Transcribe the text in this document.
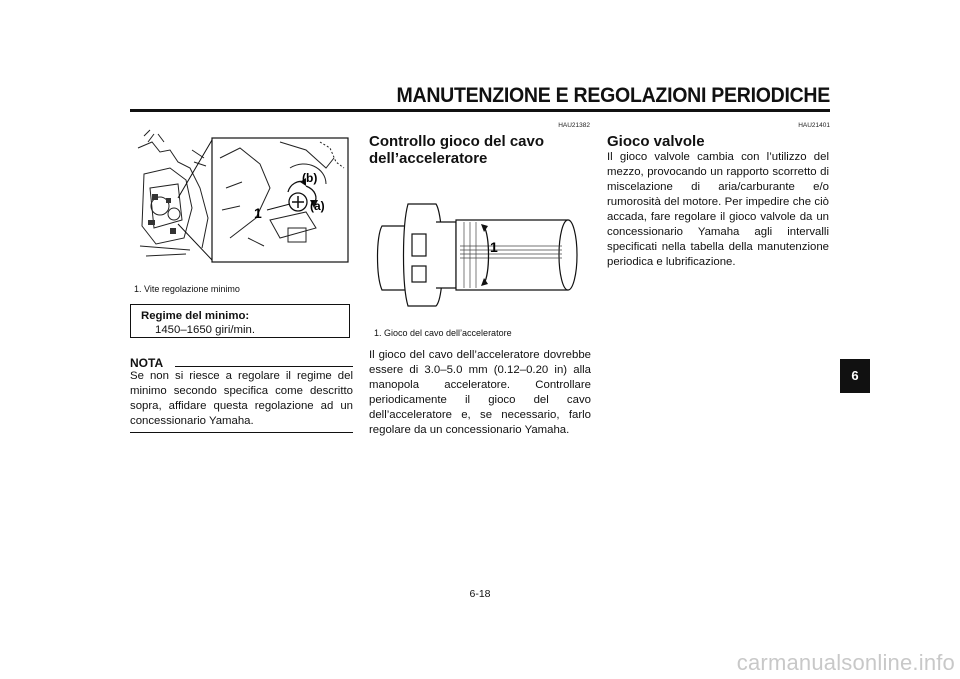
MANUTENZIONE E REGOLAZIONI PERIODICHE
1	(a)
(b)
1. Vite regolazione minimo
Regime del minimo:
1450–1650 giri/min.
NOTA

Se non si riesce a regolare il regime del minimo secondo specifica come descritto sopra, affidare questa regolazione ad un concessionario Yamaha.

HAU21382
Controllo gioco del cavo
dell’acceleratore
1
1. Gioco del cavo dell’acceleratore

Il gioco del cavo dell’acceleratore dovrebbe essere di 3.0–5.0 mm (0.12–0.20 in) alla manopola acceleratore. Controllare periodicamente il gioco del cavo dell’acceleratore e, se necessario, farlo regolare da un concessionario Yamaha.

HAU21401
Gioco valvole

Il gioco valvole cambia con l’utilizzo del mezzo, provocando un rapporto scorretto di miscelazione di aria/carburante e/o rumorosità del motore. Per impedire che ciò accada, fare regolare il gioco valvole da un concessionario Yamaha agli intervalli specificati nella tabella della manutenzione periodica e lubrificazione.

6
6-18
carmanualsonline.info
